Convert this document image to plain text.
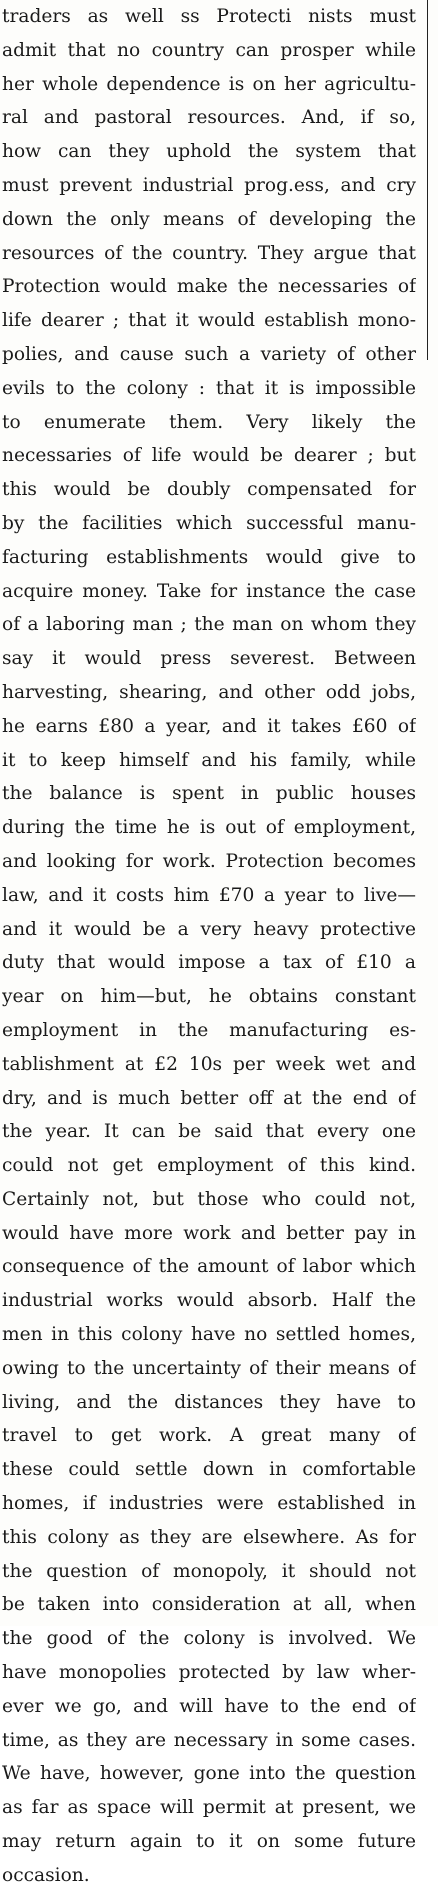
traders as well ss Protecti nists must
admit that no country can prosper while
her whole dependence is on her agricultu-
ral and pastoral resources. And, if so,
how can they uphold the system that
must prevent industrial prog.ess, and cry
down the only means of developing the
resources of the country. They argue that
Protection would make the necessaries of
life dearer ; that it would establish mono-
polies, and cause such a variety of other
evils to the colony : that it is impossible
to enumerate them. Very likely the
necessaries of life would be dearer ; but
this would be doubly compensated for
by the facilities which successful manu-
facturing establishments would give to
acquire money. Take for instance the case
of a laboring man ; the man on whom they
say it would press severest. Between
harvesting, shearing, and other odd jobs,
he earns £80 a year, and it takes £60 of
it to keep himself and his family, while
the balance is spent in public houses
during the time he is out of employment,
and looking for work. Protection becomes
law, and it costs him £70 a year to live—
and it would be a very heavy protective
duty that would impose a tax of £10 a
year on him—but, he obtains constant
employment in the manufacturing es-
tablishment at £2 10s per week wet and
dry, and is much better off at the end of
the year. It can be said that every one
could not get employment of this kind.
Certainly not, but those who could not,
would have more work and better pay in
consequence of the amount of labor which
industrial works would absorb. Half the
men in this colony have no settled homes,
owing to the uncertainty of their means of
living, and the distances they have to
travel to get work. A great many of
these could settle down in comfortable
homes, if industries were established in
this colony as they are elsewhere. As for
the question of monopoly, it should not
be taken into consideration at all, when
the good of the colony is involved. We
have monopolies protected by law wher-
ever we go, and will have to the end of
time, as they are necessary in some cases.
We have, however, gone into the question
as far as space will permit at present, we
may return again to it on some future
occasion.
